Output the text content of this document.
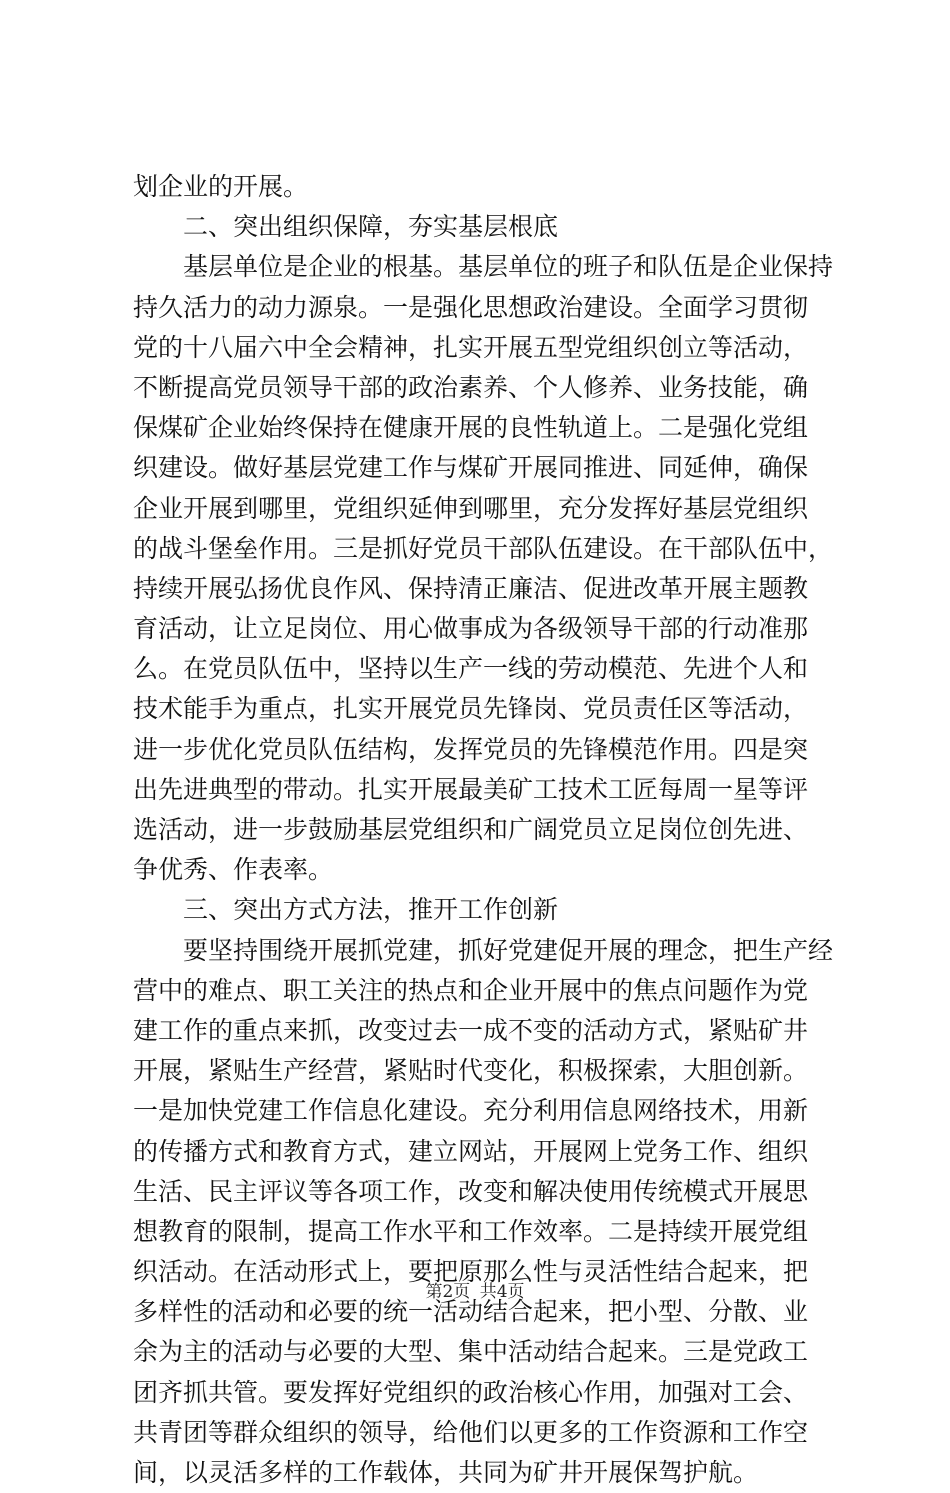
划企业的开展。
二、突出组织保障，夯实基层根底
基层单位是企业的根基。基层单位的班子和队伍是企业保持
持久活力的动力源泉。一是强化思想政治建设。全面学习贯彻
党的十八届六中全会精神，扎实开展五型党组织创立等活动，
不断提高党员领导干部的政治素养、个人修养、业务技能，确
保煤矿企业始终保持在健康开展的良性轨道上。二是强化党组
织建设。做好基层党建工作与煤矿开展同推进、同延伸，确保
企业开展到哪里，党组织延伸到哪里，充分发挥好基层党组织
的战斗堡垒作用。三是抓好党员干部队伍建设。在干部队伍中，
持续开展弘扬优良作风、保持清正廉洁、促进改革开展主题教
育活动，让立足岗位、用心做事成为各级领导干部的行动准那
么。在党员队伍中，坚持以生产一线的劳动模范、先进个人和
技术能手为重点，扎实开展党员先锋岗、党员责任区等活动，
进一步优化党员队伍结构，发挥党员的先锋模范作用。四是突
出先进典型的带动。扎实开展最美矿工技术工匠每周一星等评
选活动，进一步鼓励基层党组织和广阔党员立足岗位创先进、
争优秀、作表率。
三、突出方式方法，推开工作创新
要坚持围绕开展抓党建，抓好党建促开展的理念，把生产经
营中的难点、职工关注的热点和企业开展中的焦点问题作为党
建工作的重点来抓，改变过去一成不变的活动方式，紧贴矿井
开展，紧贴生产经营，紧贴时代变化，积极探索，大胆创新。
一是加快党建工作信息化建设。充分利用信息网络技术，用新
的传播方式和教育方式，建立网站，开展网上党务工作、组织
生活、民主评议等各项工作，改变和解决使用传统模式开展思
想教育的限制，提高工作水平和工作效率。二是持续开展党组
织活动。在活动形式上，要把原那么性与灵活性结合起来，把
多样性的活动和必要的统一活动结合起来，把小型、分散、业
余为主的活动与必要的大型、集中活动结合起来。三是党政工
团齐抓共管。要发挥好党组织的政治核心作用，加强对工会、
共青团等群众组织的领导，给他们以更多的工作资源和工作空
间，以灵活多样的工作载体，共同为矿井开展保驾护航。
第2页 共4页
